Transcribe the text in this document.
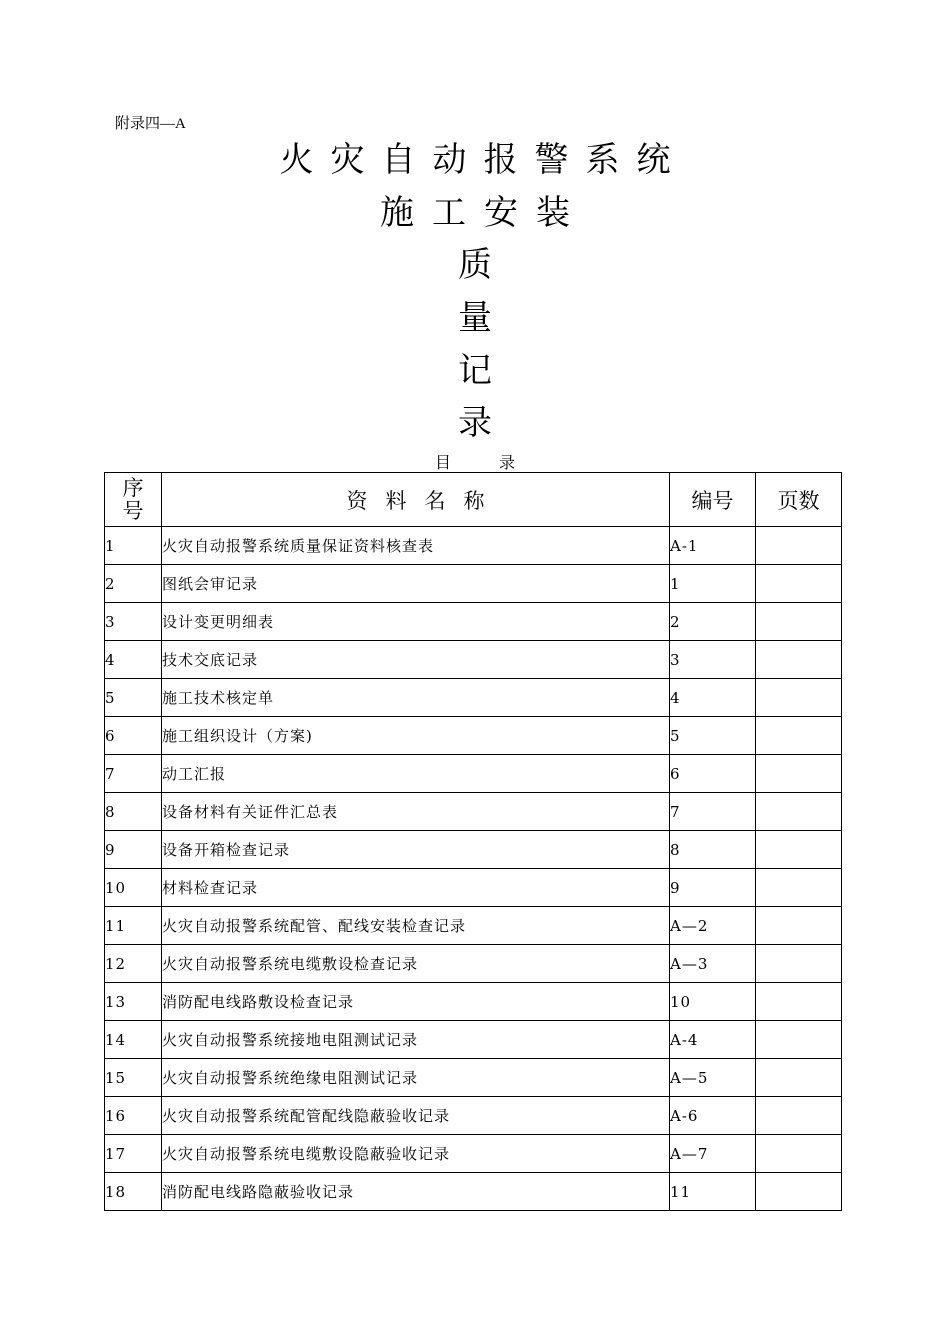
附录四—A
火灾自动报警系统
施工安装
质
量
记
录
目录
序
号	资料名称	编号	页数
1	火灾自动报警系统质量保证资料核查表	A-1	
2	图纸会审记录	1	
3	设计变更明细表	2	
4	技术交底记录	3	
5	施工技术核定单	4	
6	施工组织设计（方案)	5	
7	动工汇报	6	
8	设备材料有关证件汇总表	7	
9	设备开箱检查记录	8	
10	材料检查记录	9	
11	火灾自动报警系统配管、配线安装检查记录	A—2	
12	火灾自动报警系统电缆敷设检查记录	A—3	
13	消防配电线路敷设检查记录	10	
14	火灾自动报警系统接地电阻测试记录	A-4	
15	火灾自动报警系统绝缘电阻测试记录	A—5	
16	火灾自动报警系统配管配线隐蔽验收记录	A-6	
17	火灾自动报警系统电缆敷设隐蔽验收记录	A—7	
18	消防配电线路隐蔽验收记录	11	
